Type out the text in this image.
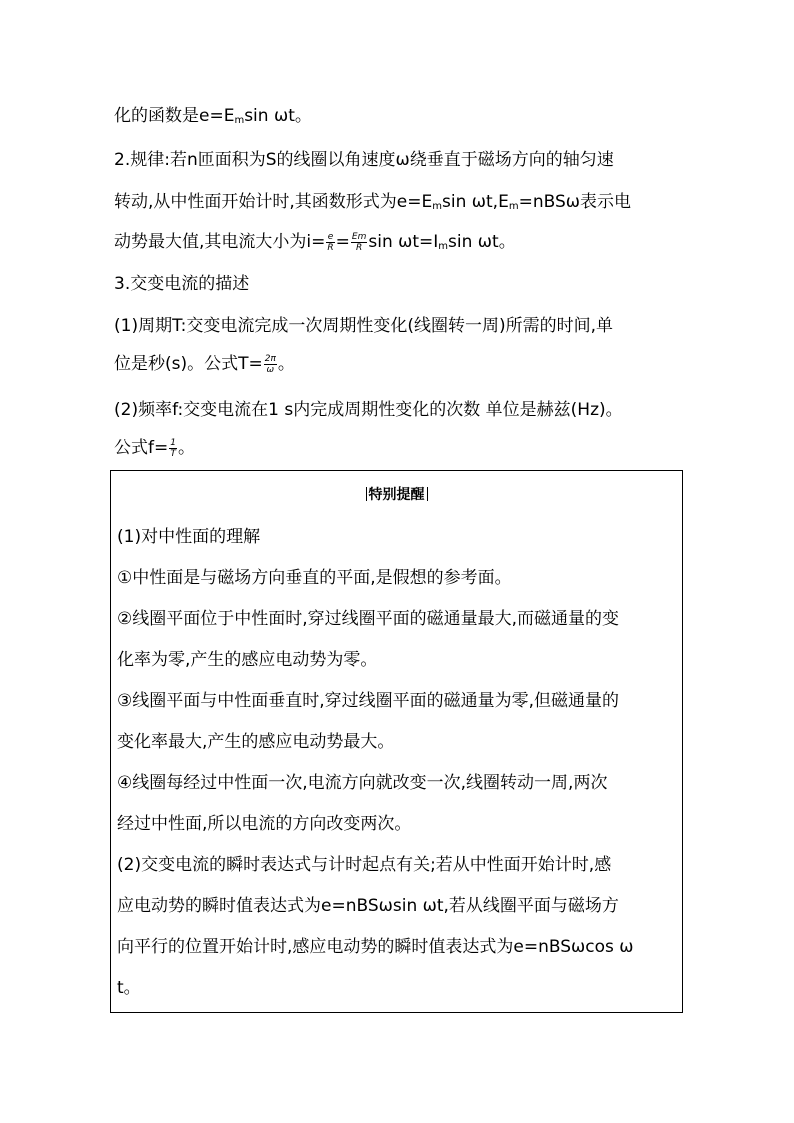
化的函数是$e=E_m\sin$ ωt。
2.规律:若n匝面积为S的线圈以角速度ω绕垂直于磁场方向的轴匀速
转动,从中性面开始计时,其函数形式为$e=E_m\sin$ $\omega t,E_m=nBS\omega$表示电
动势最大值,其电流大小为$i= \frac{e}{R} = \frac{Em}{R}$ $\sin \omega t=I_m\sin$ ωt。
3.交变电流的描述
(1)周期T:交变电流完成一次周期性变化(线圈转一周)所需的时间,单
位是秒(s)。公式$T= \frac{2\pi}{\omega}$ 。
(2)频率f:交变电流在1 s内完成周期性变化的次数 单位是赫兹(Hz)。
公式$f= \frac{1}{T}$ 。
特别提醒
(1)对中性面的理解
①中性面是与磁场方向垂直的平面,是假想的参考面。
②线圈平面位于中性面时,穿过线圈平面的磁通量最大,而磁通量的变
化率为零,产生的感应电动势为零。
③线圈平面与中性面垂直时,穿过线圈平面的磁通量为零,但磁通量的
变化率最大,产生的感应电动势最大。
④线圈每经过中性面一次,电流方向就改变一次,线圈转动一周,两次
经过中性面,所以电流的方向改变两次。
(2)交变电流的瞬时表达式与计时起点有关;若从中性面开始计时,感
应电动势的瞬时值表达式为e=nBSωsin ωt,若从线圈平面与磁场方
向平行的位置开始计时,感应电动势的瞬时值表达式为e=nBSωcos ω
t。
